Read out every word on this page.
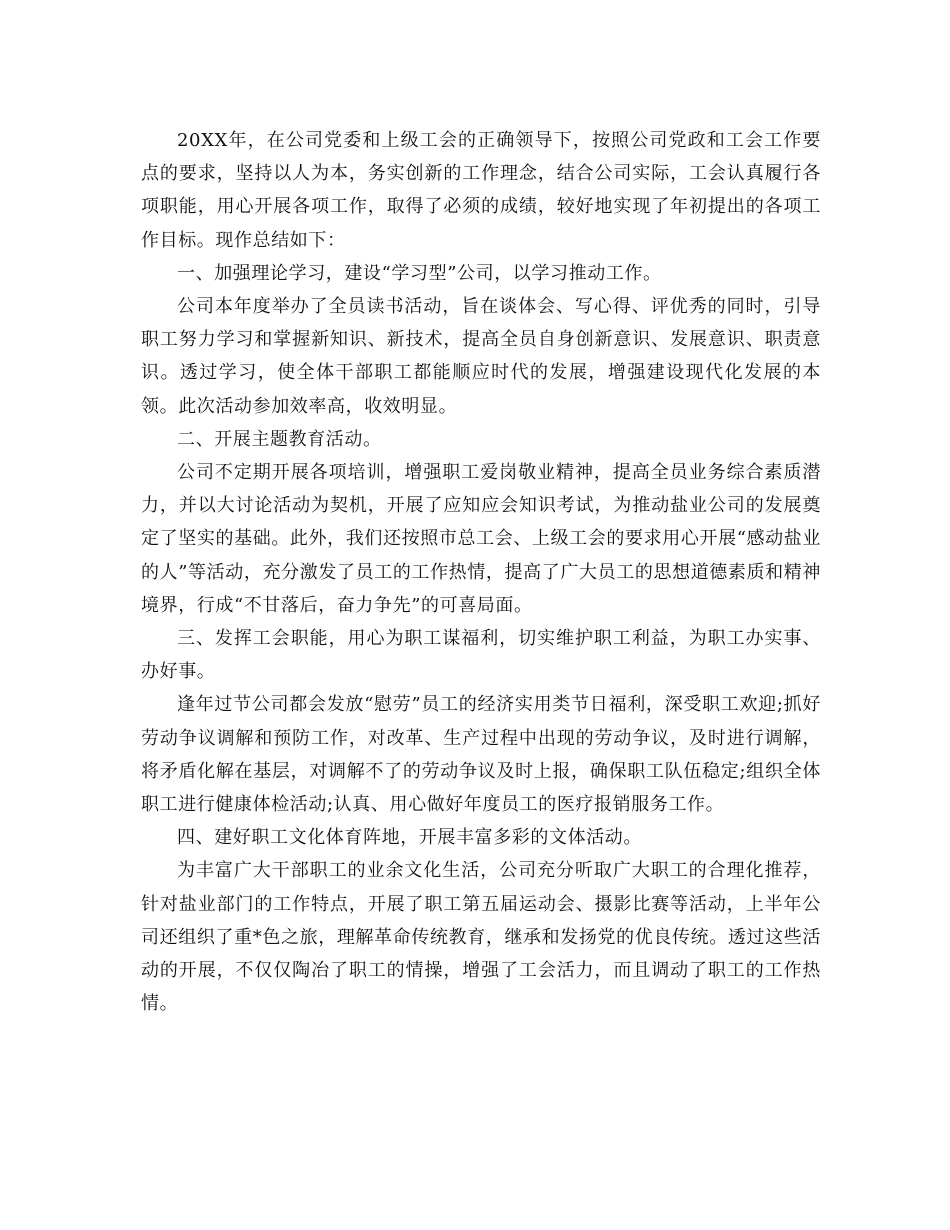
20XX年，在公司党委和上级工会的正确领导下，按照公司党政和工会工作要点的要求，坚持以人为本，务实创新的工作理念，结合公司实际，工会认真履行各项职能，用心开展各项工作，取得了必须的成绩，较好地实现了年初提出的各项工作目标。现作总结如下：

一、加强理论学习，建设“学习型”公司，以学习推动工作。

公司本年度举办了全员读书活动，旨在谈体会、写心得、评优秀的同时，引导职工努力学习和掌握新知识、新技术，提高全员自身创新意识、发展意识、职责意识。透过学习，使全体干部职工都能顺应时代的发展，增强建设现代化发展的本领。此次活动参加效率高，收效明显。

二、开展主题教育活动。

公司不定期开展各项培训，增强职工爱岗敬业精神，提高全员业务综合素质潜力，并以大讨论活动为契机，开展了应知应会知识考试，为推动盐业公司的发展奠定了坚实的基础。此外，我们还按照市总工会、上级工会的要求用心开展“感动盐业的人”等活动，充分激发了员工的工作热情，提高了广大员工的思想道德素质和精神境界，行成“不甘落后，奋力争先”的可喜局面。

三、发挥工会职能，用心为职工谋福利，切实维护职工利益，为职工办实事、办好事。

逢年过节公司都会发放“慰劳”员工的经济实用类节日福利，深受职工欢迎;抓好劳动争议调解和预防工作，对改革、生产过程中出现的劳动争议，及时进行调解，将矛盾化解在基层，对调解不了的劳动争议及时上报，确保职工队伍稳定;组织全体职工进行健康体检活动;认真、用心做好年度员工的医疗报销服务工作。

四、建好职工文化体育阵地，开展丰富多彩的文体活动。

为丰富广大干部职工的业余文化生活，公司充分听取广大职工的合理化推荐，针对盐业部门的工作特点，开展了职工第五届运动会、摄影比赛等活动，上半年公司还组织了重*色之旅，理解革命传统教育，继承和发扬党的优良传统。透过这些活动的开展，不仅仅陶冶了职工的情操，增强了工会活力，而且调动了职工的工作热情。
